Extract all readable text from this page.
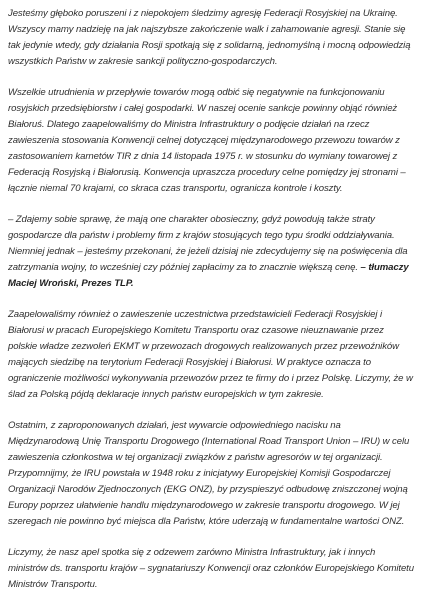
Jesteśmy głęboko poruszeni i z niepokojem śledzimy agresję Federacji Rosyjskiej na Ukrainę. Wszyscy mamy nadzieję na jak najszybsze zakończenie walk i zahamowanie agresji. Stanie się tak jedynie wtedy, gdy działania Rosji spotkają się z solidarną, jednomyślną i mocną odpowiedzią wszystkich Państw w zakresie sankcji polityczno-gospodarczych.

Wszelkie utrudnienia w przepływie towarów mogą odbić się negatywnie na funkcjonowaniu rosyjskich przedsiębiorstw i całej gospodarki. W naszej ocenie sankcje powinny objąć również Białoruś. Dlatego zaapelowaliśmy do Ministra Infrastruktury o podjęcie działań na rzecz zawieszenia stosowania Konwencji celnej dotyczącej międzynarodowego przewozu towarów z zastosowaniem karnetów TIR z dnia 14 listopada 1975 r. w stosunku do wymiany towarowej z Federacją Rosyjską i Białorusią. Konwencja upraszcza procedury celne pomiędzy jej stronami – łącznie niemal 70 krajami, co skraca czas transportu, ogranicza kontrole i koszty.

– Zdajemy sobie sprawę, że mają one charakter obosieczny, gdyż powodują także straty gospodarcze dla państw i problemy firm z krajów stosujących tego typu środki oddziaływania. Niemniej jednak – jesteśmy przekonani, że jeżeli dzisiaj nie zdecydujemy się na poświęcenia dla zatrzymania wojny, to wcześniej czy później zapłacimy za to znacznie większą cenę. – tłumaczy Maciej Wroński, Prezes TLP.

Zaapelowaliśmy również o zawieszenie uczestnictwa przedstawicieli Federacji Rosyjskiej i Białorusi w pracach Europejskiego Komitetu Transportu oraz czasowe nieuznawanie przez polskie władze zezwoleń EKMT w przewozach drogowych realizowanych przez przewoźników mających siedzibę na terytorium Federacji Rosyjskiej i Białorusi. W praktyce oznacza to ograniczenie możliwości wykonywania przewozów przez te firmy do i przez Polskę. Liczymy, że w ślad za Polską pójdą deklaracje innych państw europejskich w tym zakresie.

Ostatnim, z zaproponowanych działań, jest wywarcie odpowiedniego nacisku na Międzynarodową Unię Transportu Drogowego (International Road Transport Union – IRU) w celu zawieszenia członkostwa w tej organizacji związków z państw agresorów w tej organizacji. Przypomnijmy, że IRU powstała w 1948 roku z inicjatywy Europejskiej Komisji Gospodarczej Organizacji Narodów Zjednoczonych (EKG ONZ), by przyspieszyć odbudowę zniszczonej wojną Europy poprzez ułatwienie handlu międzynarodowego w zakresie transportu drogowego. W jej szeregach nie powinno być miejsca dla Państw, które uderzają w fundamentalne wartości ONZ.

Liczymy, że nasz apel spotka się z odzewem zarówno Ministra Infrastruktury, jak i innych ministrów ds. transportu krajów – sygnatariuszy Konwencji oraz członków Europejskiego Komitetu Ministrów Transportu.
